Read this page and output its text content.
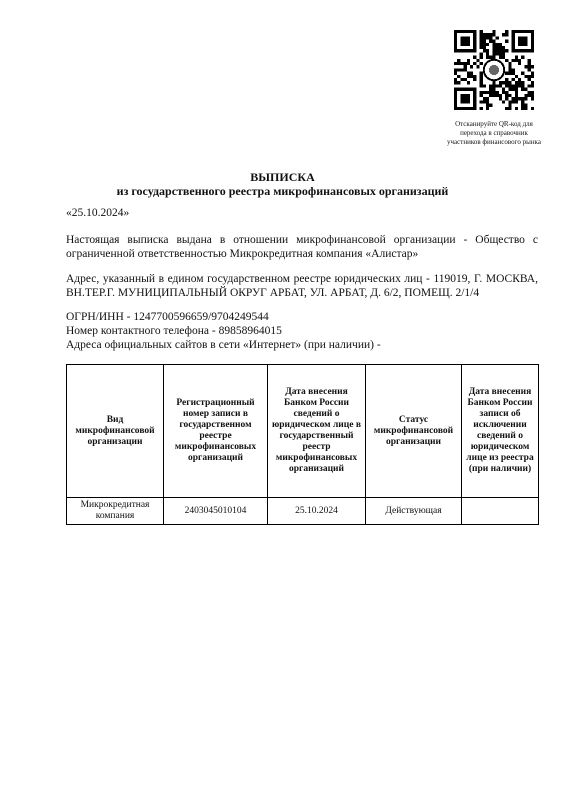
Отсканируйте QR-код для перехода в справочник участников финансового рынка
ВЫПИСКА
из государственного реестра микрофинансовых организаций
«25.10.2024»
Настоящая выписка выдана в отношении микрофинансовой организации - Общество с ограниченной ответственностью Микрокредитная компания «Алистар»
Адрес, указанный в едином государственном реестре юридических лиц - 119019, Г. МОСКВА, ВН.ТЕР.Г. МУНИЦИПАЛЬНЫЙ ОКРУГ АРБАТ, УЛ. АРБАТ, Д. 6/2, ПОМЕЩ. 2/1/4
ОГРН/ИНН - 1247700596659/9704249544
Номер контактного телефона - 89858964015
Адреса официальных сайтов в сети «Интернет» (при наличии) -
Вид микрофинансовой организации	Регистрационный номер записи в государственном реестре микрофинансовых организаций	Дата внесения Банком России сведений о юридическом лице в государственный реестр микрофинансовых организаций	Статус микрофинансовой организации	Дата внесения Банком России записи об исключении сведений о юридическом лице из реестра (при наличии)
Микрокредитная компания	2403045010104	25.10.2024	Действующая	
